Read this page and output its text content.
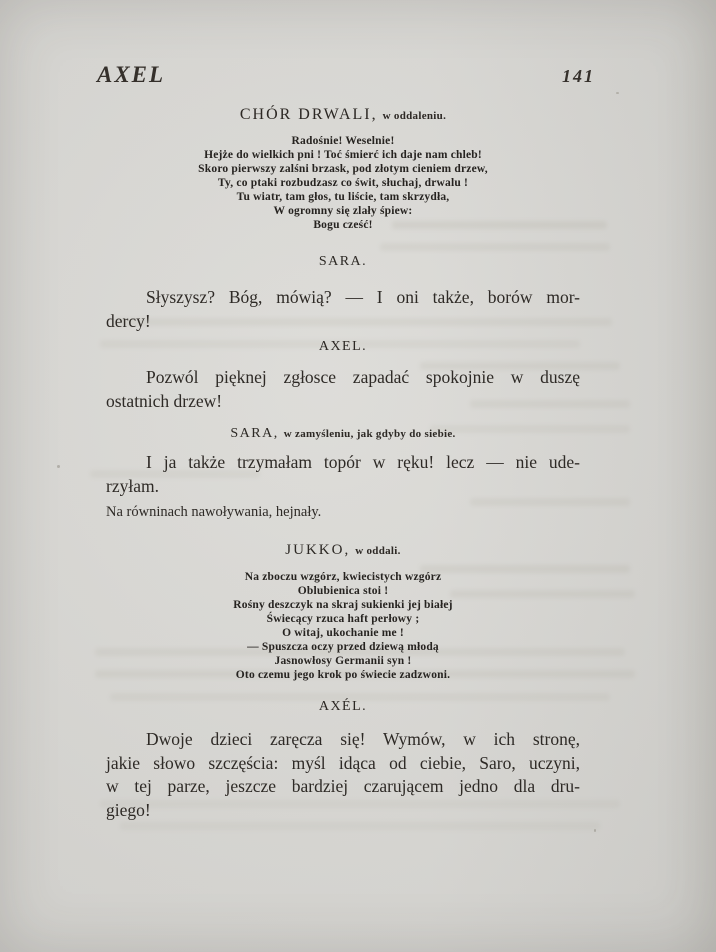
AXEL	141
CHÓR DRWALI, w oddaleniu.
Radośnie! Weselnie!
Hejże do wielkich pni ! Toć śmierć ich daje nam chleb!
Skoro pierwszy zalśni brzask, pod złotym cieniem drzew,
Ty, co ptaki rozbudzasz co świt, słuchaj, drwalu !
Tu wiatr, tam głos, tu liście, tam skrzydła,
W ogromny się zlały śpiew:
Bogu cześć!
SARA.
Słyszysz? Bóg, mówią? — I oni także, borów mor-
dercy!
AXEL.
Pozwól pięknej zgłosce zapadać spokojnie w duszę
ostatnich drzew!
SARA, w zamyśleniu, jak gdyby do siebie.
I ja także trzymałam topór w ręku! lecz — nie ude-
rzyłam.
Na równinach nawoływania, hejnały.
JUKKO, w oddali.
Na zboczu wzgórz, kwiecistych wzgórz
Oblubienica stoi !
Rośny deszczyk na skraj sukienki jej białej
Świecący rzuca haft perłowy ;
O witaj, ukochanie me !
— Spuszcza oczy przed dziewą młodą
Jasnowłosy Germanii syn !
Oto czemu jego krok po świecie zadzwoni.
AXÉL.
Dwoje dzieci zaręcza się! Wymów, w ich stronę,
jakie słowo szczęścia: myśl idąca od ciebie, Saro, uczyni,
w tej parze, jeszcze bardziej czarującem jedno dla dru-
giego!
